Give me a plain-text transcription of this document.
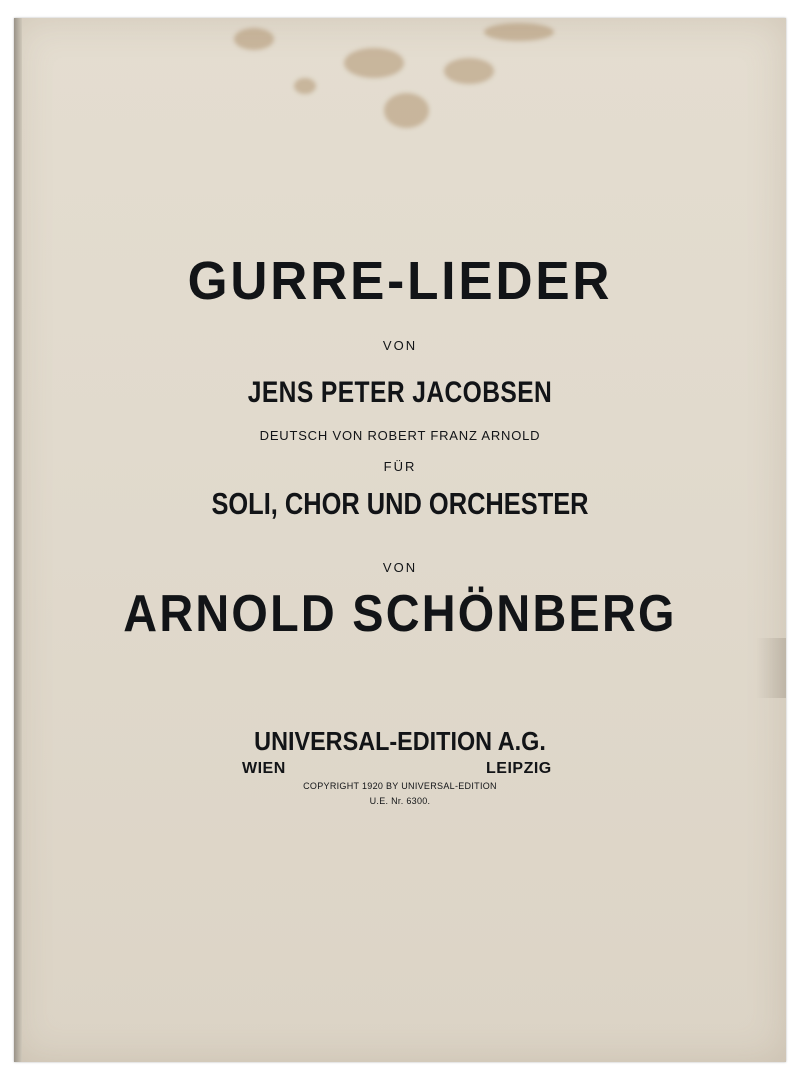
GURRE-LIEDER
VON
JENS PETER JACOBSEN
DEUTSCH VON ROBERT FRANZ ARNOLD
FÜR
SOLI, CHOR UND ORCHESTER
VON
ARNOLD SCHÖNBERG
UNIVERSAL-EDITION A.G.
WIEN	LEIPZIG
COPYRIGHT 1920 BY UNIVERSAL-EDITION
U.E. Nr. 6300.
